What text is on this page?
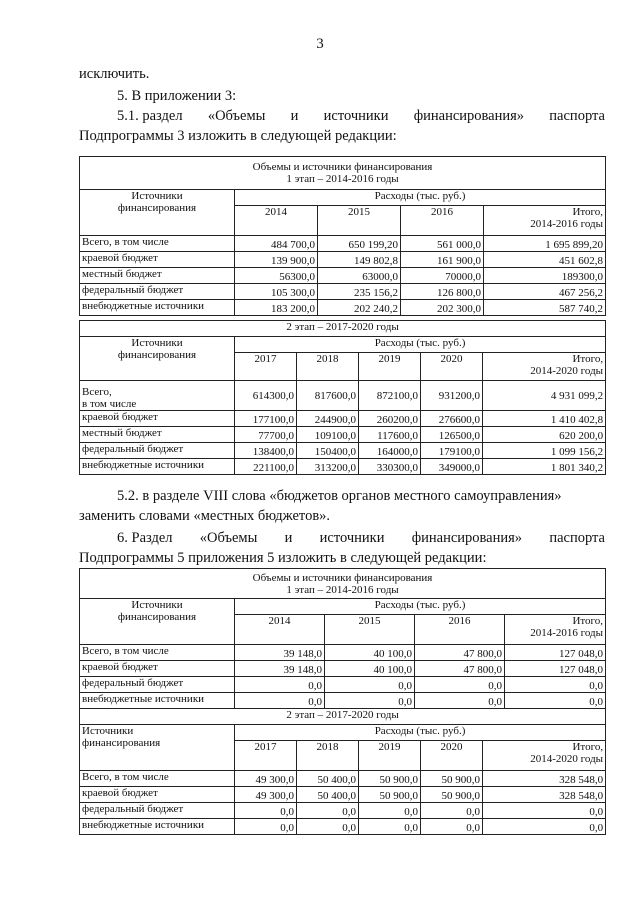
3
исключить.
5. В приложении 3:
5.1. раздел «Объемы и источники финансирования» паспорта
Подпрограммы 3 изложить в следующей редакции:
Объемы и источники финансирования
1 этап – 2014-2016 годы				

Источники
финансирования	Расходы (тыс. руб.)			
	2014	2015	2016	Итого,
2014-2016 годы
Всего, в том числе	484 700,0	650 199,20	561 000,0	1 695 899,20
краевой бюджет	139 900,0	149 802,8	161 900,0	451 602,8
местный бюджет	56300,0	63000,0	70000,0	189300,0
федеральный бюджет	105 300,0	235 156,2	126 800,0	467 256,2
внебюджетные источники	183 200,0	202 240,2	202 300,0	587 740,2
2 этап – 2017-2020 годы					
Источники
финансирования	Расходы (тыс. руб.)				
	2017	2018	2019	2020	Итого,
2014-2020 годы
Всего,
в том числе	614300,0	817600,0	872100,0	931200,0	4 931 099,2
краевой бюджет	177100,0	244900,0	260200,0	276600,0	1 410 402,8
местный бюджет	77700,0	109100,0	117600,0	126500,0	620 200,0
федеральный бюджет	138400,0	150400,0	164000,0	179100,0	1 099 156,2
внебюджетные источники	221100,0	313200,0	330300,0	349000,0	1 801 340,2
5.2. в разделе VIII слова «бюджетов органов местного самоуправления»
заменить словами «местных бюджетов».
6. Раздел «Объемы и источники финансирования» паспорта
Подпрограммы 5 приложения 5 изложить в следующей редакции:
Объемы и источники финансирования
1 этап – 2014-2016 годы				

Источники
финансирования	Расходы (тыс. руб.)			
	2014	2015	2016	Итого,
2014-2016 годы
Всего, в том числе	39 148,0	40 100,0	47 800,0	127 048,0
краевой бюджет	39 148,0	40 100,0	47 800,0	127 048,0
федеральный бюджет	0,0	0,0	0,0	0,0
внебюджетные источники	0,0	0,0	0,0	0,0
2 этап – 2017-2020 годы					
Источники
финансирования	Расходы (тыс. руб.)				
	2017	2018	2019	2020	Итого,
2014-2020 годы
Всего, в том числе	49 300,0	50 400,0	50 900,0	50 900,0	328 548,0
краевой бюджет	49 300,0	50 400,0	50 900,0	50 900,0	328 548,0
федеральный бюджет	0,0	0,0	0,0	0,0	0,0
внебюджетные источники	0,0	0,0	0,0	0,0	0,0
